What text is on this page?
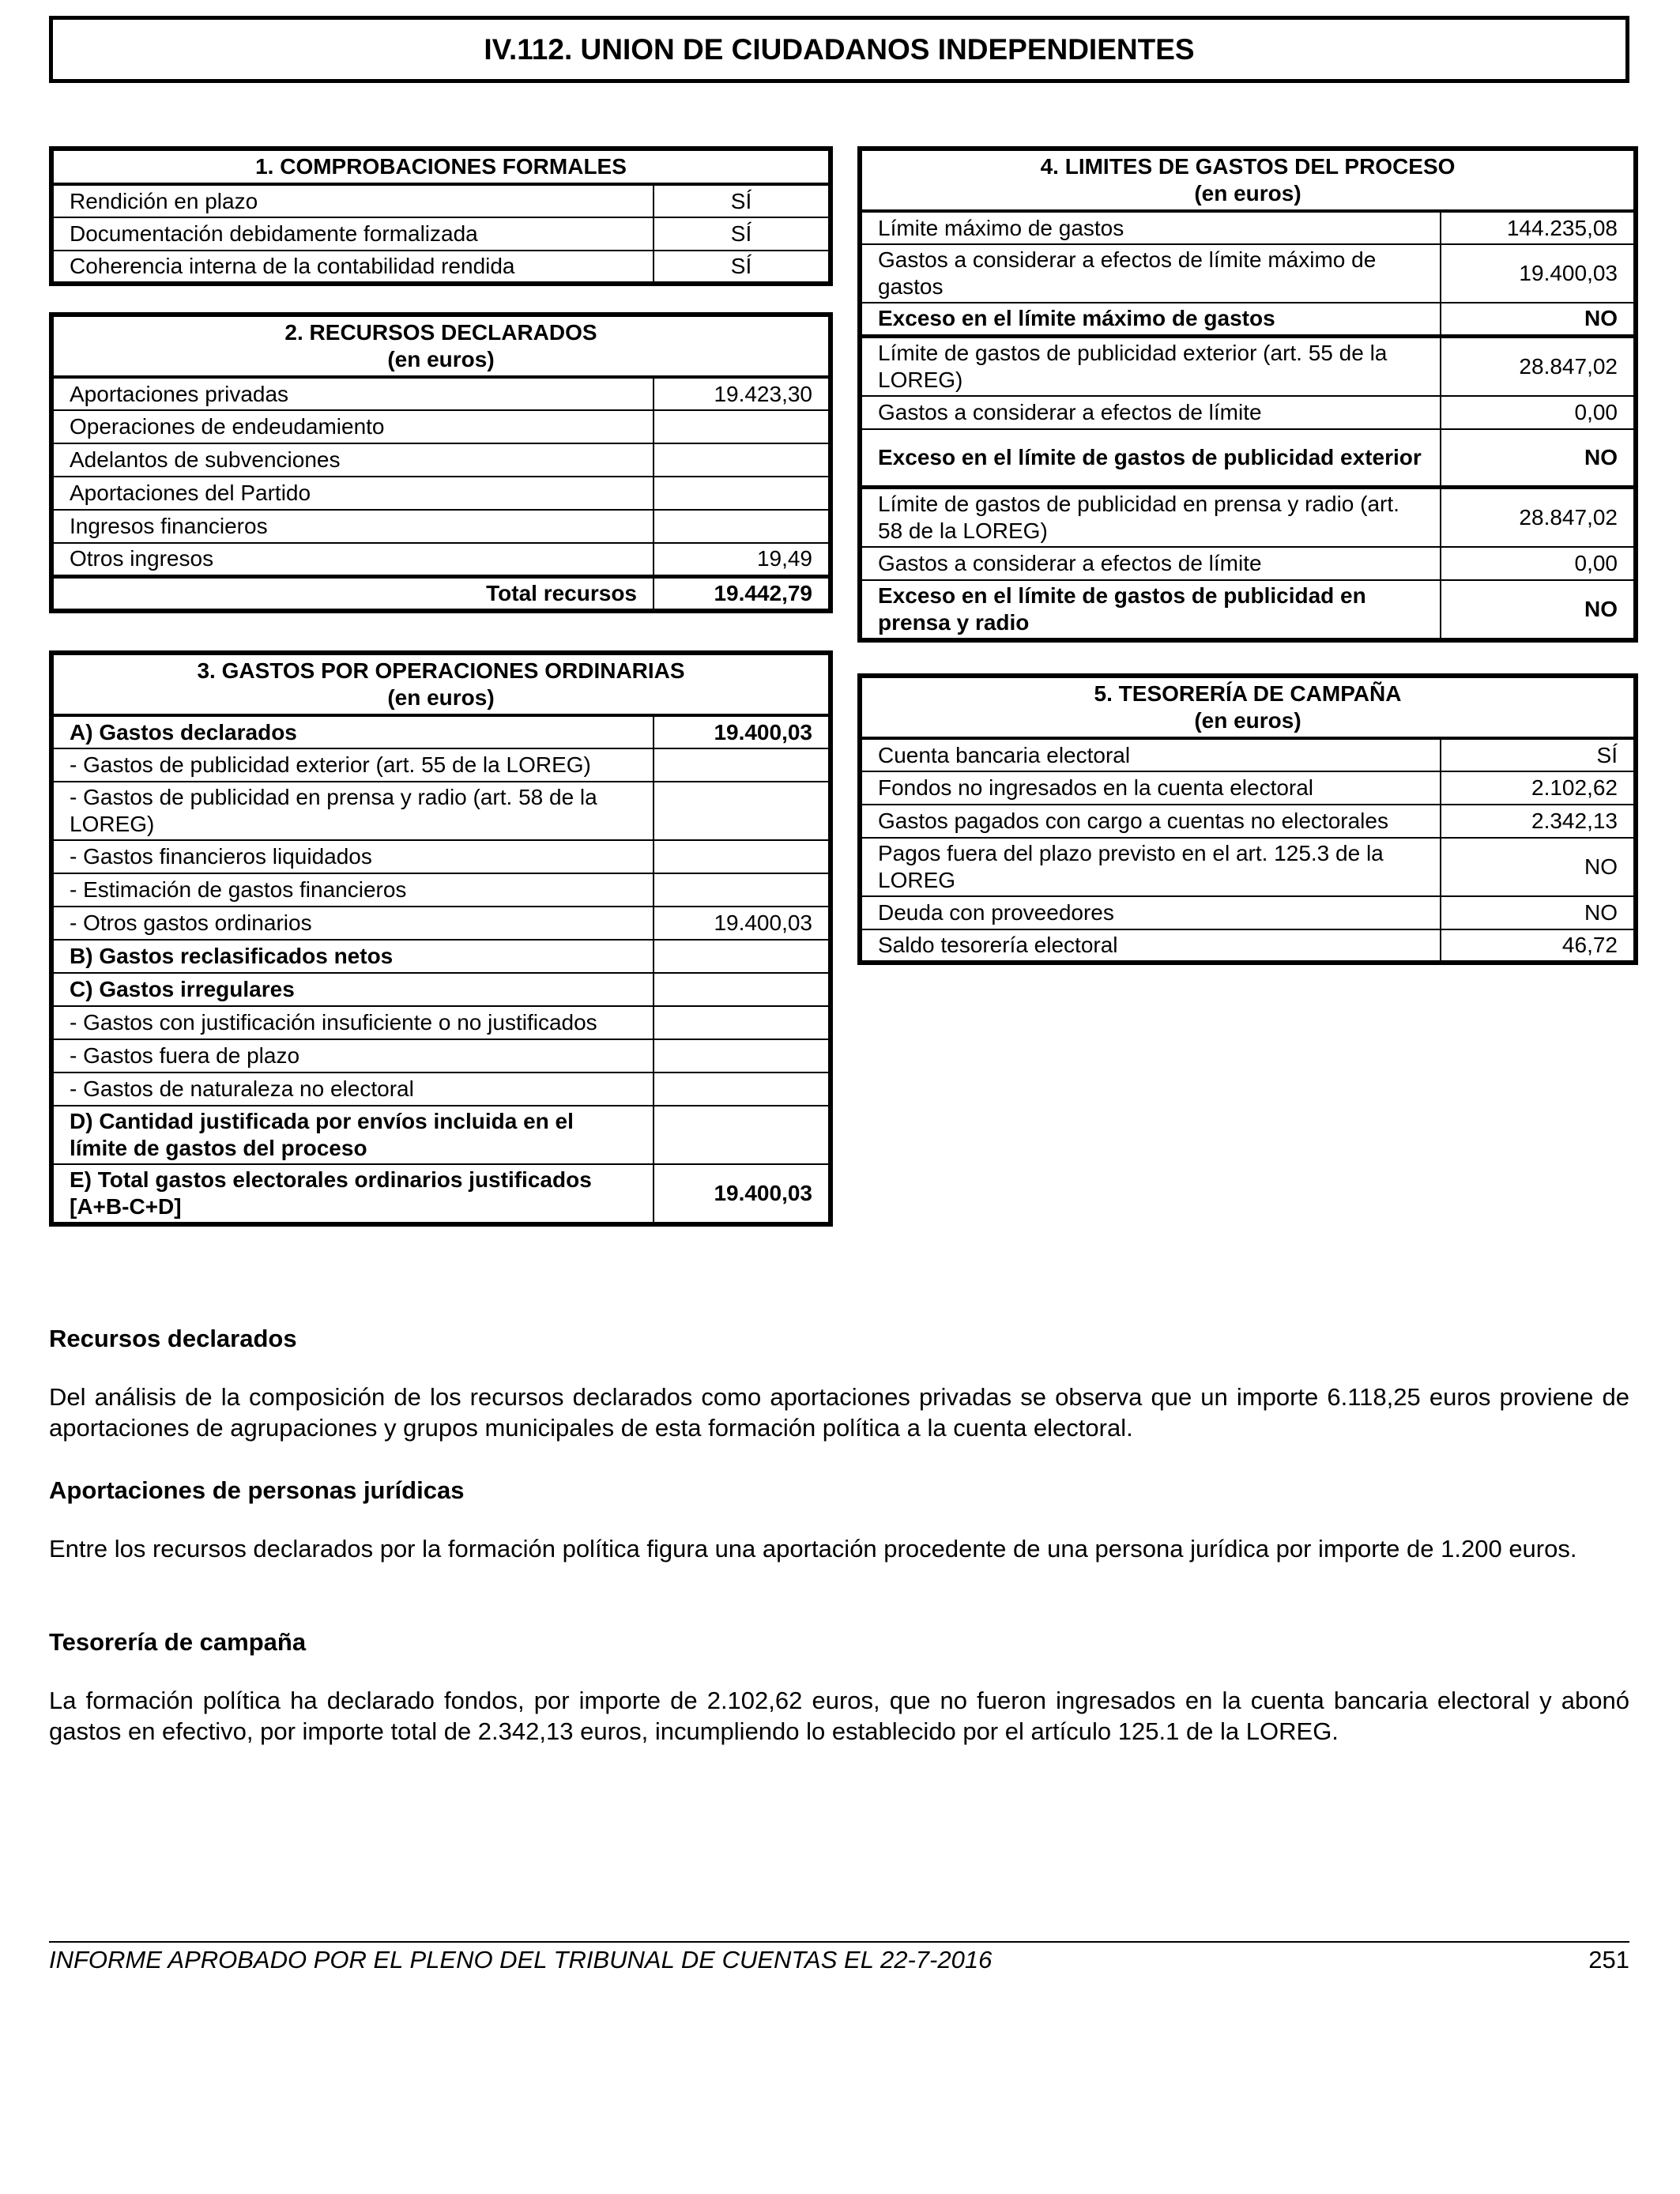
IV.112. UNION DE CIUDADANOS INDEPENDIENTES
1. COMPROBACIONES FORMALES	
Rendición en plazo	SÍ
Documentación debidamente formalizada	SÍ
Coherencia interna de la contabilidad rendida	SÍ
2. RECURSOS DECLARADOS
(en euros)	
Aportaciones privadas	19.423,30
Operaciones de endeudamiento	
Adelantos de subvenciones	
Aportaciones del Partido	
Ingresos financieros	
Otros ingresos	19,49
Total recursos	19.442,79
3. GASTOS POR OPERACIONES ORDINARIAS
(en euros)	
A) Gastos declarados	19.400,03
- Gastos de publicidad exterior (art. 55 de la LOREG)	
- Gastos de publicidad en prensa y radio (art. 58 de la LOREG)	
- Gastos financieros liquidados	
- Estimación de gastos financieros	
- Otros gastos ordinarios	19.400,03
B) Gastos reclasificados netos	
C) Gastos irregulares	
- Gastos con justificación insuficiente o no justificados	
- Gastos fuera de plazo	
- Gastos de naturaleza no electoral	
D) Cantidad justificada por envíos incluida en el límite de gastos del proceso	
E) Total gastos electorales ordinarios justificados [A+B-C+D]	19.400,03
4. LIMITES DE GASTOS DEL PROCESO
(en euros)	
Límite máximo de gastos	144.235,08
Gastos a considerar a efectos de límite máximo de gastos	19.400,03
Exceso en el límite máximo de gastos	NO
Límite de gastos de publicidad exterior (art. 55 de la LOREG)	28.847,02
Gastos a considerar a efectos de límite	0,00
Exceso en el límite de gastos de publicidad exterior	NO
Límite de gastos de publicidad en prensa y radio (art. 58 de la LOREG)	28.847,02
Gastos a considerar a efectos de límite	0,00
Exceso en el límite de gastos de publicidad en prensa y radio	NO
5. TESORERÍA DE CAMPAÑA
(en euros)	
Cuenta bancaria electoral	SÍ
Fondos no ingresados en la cuenta electoral	2.102,62
Gastos pagados con cargo a cuentas no electorales	2.342,13
Pagos fuera del plazo previsto en el art. 125.3 de la LOREG	NO
Deuda con proveedores	NO
Saldo tesorería electoral	46,72
Recursos declarados

Del análisis de la composición de los recursos declarados como aportaciones privadas se observa que un importe 6.118,25 euros proviene de aportaciones de agrupaciones y grupos municipales de esta formación política a la cuenta electoral.

Aportaciones de personas jurídicas

Entre los recursos declarados por la formación política figura una aportación procedente de una persona jurídica por importe de 1.200 euros.

Tesorería de campaña

La formación política ha declarado fondos, por importe de 2.102,62 euros, que no fueron ingresados en la cuenta bancaria electoral y abonó gastos en efectivo, por importe total de 2.342,13 euros, incumpliendo lo establecido por el artículo 125.1 de la LOREG.

INFORME APROBADO POR EL PLENO DEL TRIBUNAL DE CUENTAS EL 22-7-2016	251
